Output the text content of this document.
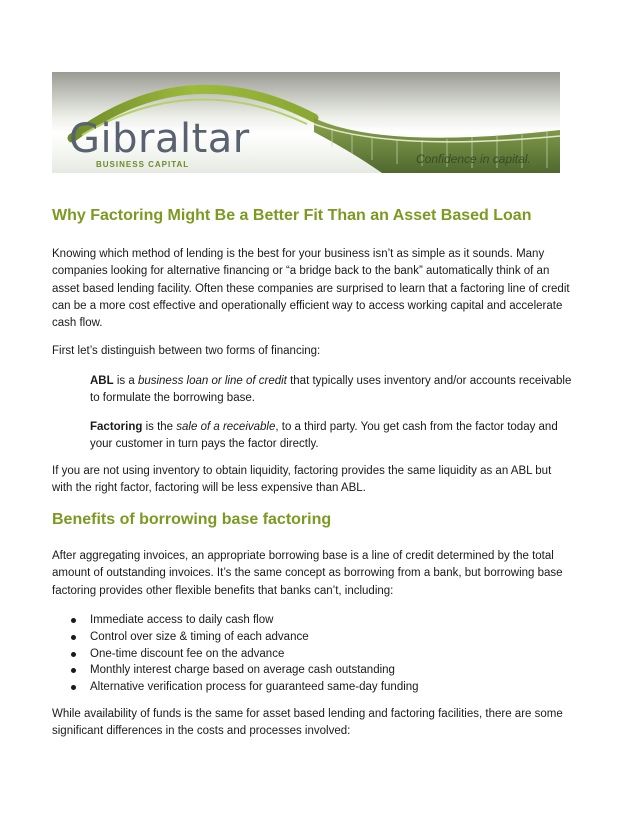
Gibraltar
BUSINESS CAPITAL	Confidence in capital.
Why Factoring Might Be a Better Fit Than an Asset Based Loan

Knowing which method of lending is the best for your business isn’t as simple as it sounds. Many companies looking for alternative financing or “a bridge back to the bank” automatically think of an asset based lending facility. Often these companies are surprised to learn that a factoring line of credit can be a more cost effective and operationally efficient way to access working capital and accelerate cash flow.

First let’s distinguish between two forms of financing:

ABL is a business loan or line of credit that typically uses inventory and/or accounts receivable to formulate the borrowing base.

Factoring is the sale of a receivable, to a third party. You get cash from the factor today and your customer in turn pays the factor directly.

If you are not using inventory to obtain liquidity, factoring provides the same liquidity as an ABL but with the right factor, factoring will be less expensive than ABL.

Benefits of borrowing base factoring

After aggregating invoices, an appropriate borrowing base is a line of credit determined by the total amount of outstanding invoices. It’s the same concept as borrowing from a bank, but borrowing base factoring provides other flexible benefits that banks can’t, including:

Immediate access to daily cash flow
Control over size & timing of each advance
One-time discount fee on the advance
Monthly interest charge based on average cash outstanding
Alternative verification process for guaranteed same-day funding

While availability of funds is the same for asset based lending and factoring facilities, there are some significant differences in the costs and processes involved:
